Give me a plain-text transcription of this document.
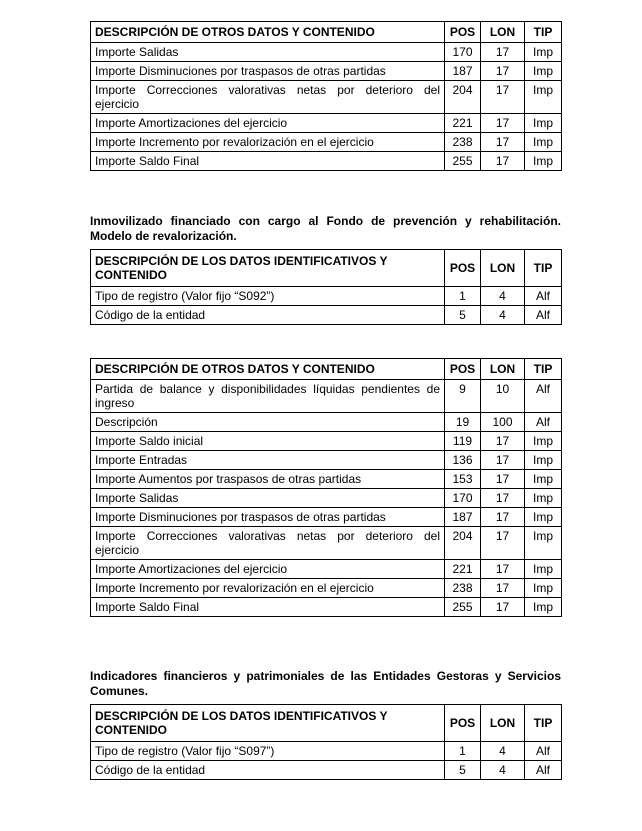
DESCRIPCIÓN DE OTROS DATOS Y CONTENIDO	POS	LON	TIP
Importe Salidas	170	17	Imp
Importe Disminuciones por traspasos de otras partidas	187	17	Imp
Importe Correcciones valorativas netas por deterioro del ejercicio	204	17	Imp
Importe Amortizaciones del ejercicio	221	17	Imp
Importe Incremento por revalorización en el ejercicio	238	17	Imp
Importe Saldo Final	255	17	Imp
Inmovilizado financiado con cargo al Fondo de prevención y rehabilitación. Modelo de revalorización.
DESCRIPCIÓN DE LOS DATOS IDENTIFICATIVOS Y CONTENIDO	POS	LON	TIP
Tipo de registro (Valor fijo “S092”)	1	4	Alf
Código de la entidad	5	4	Alf
DESCRIPCIÓN DE OTROS DATOS Y CONTENIDO	POS	LON	TIP
Partida de balance y disponibilidades líquidas pendientes de ingreso	9	10	Alf
Descripción	19	100	Alf
Importe Saldo inicial	119	17	Imp
Importe Entradas	136	17	Imp
Importe Aumentos por traspasos de otras partidas	153	17	Imp
Importe Salidas	170	17	Imp
Importe Disminuciones por traspasos de otras partidas	187	17	Imp
Importe Correcciones valorativas netas por deterioro del ejercicio	204	17	Imp
Importe Amortizaciones del ejercicio	221	17	Imp
Importe Incremento por revalorización en el ejercicio	238	17	Imp
Importe Saldo Final	255	17	Imp
Indicadores financieros y patrimoniales de las Entidades Gestoras y Servicios Comunes.
DESCRIPCIÓN DE LOS DATOS IDENTIFICATIVOS Y CONTENIDO	POS	LON	TIP
Tipo de registro (Valor fijo “S097”)	1	4	Alf
Código de la entidad	5	4	Alf
